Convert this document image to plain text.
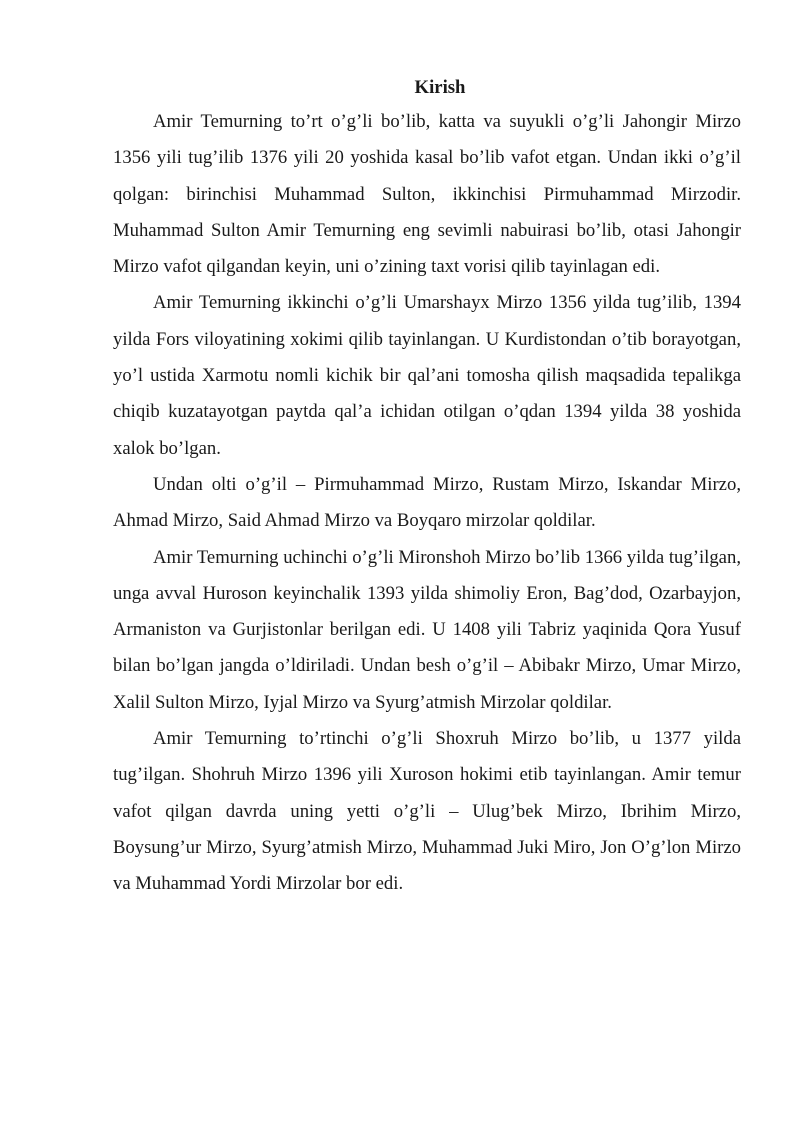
Kirish

Amir Temurning to’rt o’g’li bo’lib, katta va suyukli o’g’li Jahongir Mirzo 1356 yili tug’ilib 1376 yili 20 yoshida kasal bo’lib vafot etgan. Undan ikki o’g’il qolgan: birinchisi Muhammad Sulton, ikkinchisi Pirmuhammad Mirzodir. Muhammad Sulton Amir Temurning eng sevimli nabuirasi bo’lib, otasi Jahongir Mirzo vafot qilgandan keyin, uni o’zining taxt vorisi qilib tayinlagan edi.

Amir Temurning ikkinchi o’g’li Umarshayx Mirzo 1356 yilda tug’ilib, 1394 yilda Fors viloyatining xokimi qilib tayinlangan. U Kurdistondan o’tib borayotgan, yo’l ustida Xarmotu nomli kichik bir qal’ani tomosha qilish maqsadida tepalikga chiqib kuzatayotgan paytda qal’a ichidan otilgan o’qdan 1394 yilda 38 yoshida xalok bo’lgan.

Undan olti o’g’il – Pirmuhammad Mirzo, Rustam Mirzo, Iskandar Mirzo, Ahmad Mirzo, Said Ahmad Mirzo va Boyqaro mirzolar qoldilar.

Amir Temurning uchinchi o’g’li Mironshoh Mirzo bo’lib 1366 yilda tug’ilgan, unga avval Huroson keyinchalik 1393 yilda shimoliy Eron, Bag’dod, Ozarbayjon, Armaniston va Gurjistonlar berilgan edi. U 1408 yili Tabriz yaqinida Qora Yusuf bilan bo’lgan jangda o’ldiriladi. Undan besh o’g’il – Abibakr Mirzo, Umar Mirzo, Xalil Sulton Mirzo, Iyjal Mirzo va Syurg’atmish Mirzolar qoldilar.

Amir Temurning to’rtinchi o’g’li Shoxruh Mirzo bo’lib, u 1377 yilda tug’ilgan. Shohruh Mirzo 1396 yili Xuroson hokimi etib tayinlangan. Amir temur vafot qilgan davrda uning yetti o’g’li – Ulug’bek Mirzo, Ibrihim Mirzo, Boysung’ur Mirzo, Syurg’atmish Mirzo, Muhammad Juki Miro, Jon O’g’lon Mirzo va Muhammad Yordi Mirzolar bor edi.
